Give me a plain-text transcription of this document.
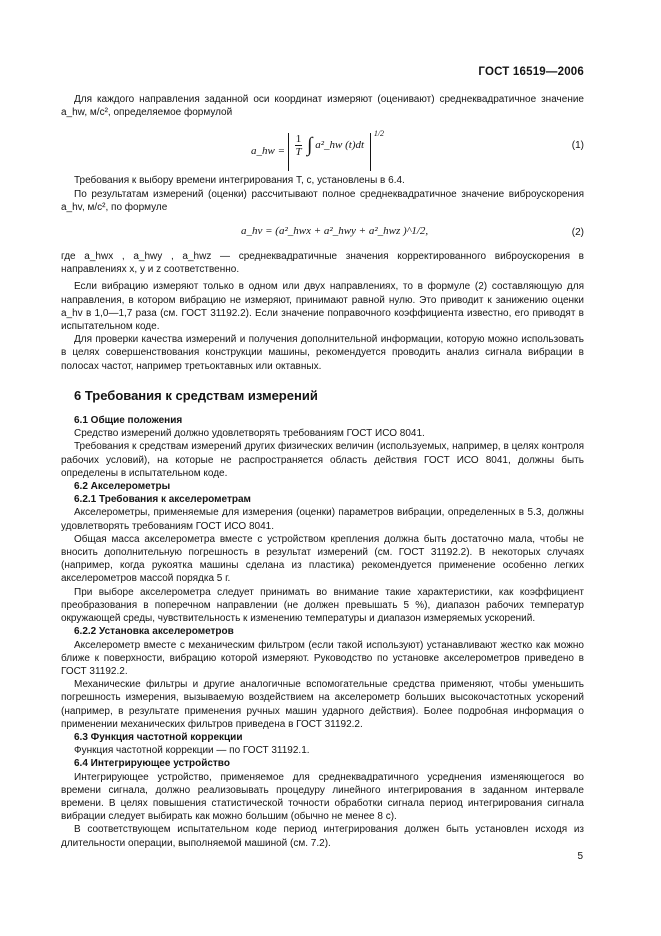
ГОСТ 16519—2006

Для каждого направления заданной оси координат измеряют (оценивают) среднеквадратичное значение a_hw, м/с², определяемое формулой

a_hw = $\frac{1}{T}$ ∫ a²_hw (t)dt $^{1/2}$
(1)

Требования к выбору времени интегрирования T, с, установлены в 6.4.

По результатам измерений (оценки) рассчитывают полное среднеквадратичное значение виброускорения a_hv, м/с², по формуле

a_hv = (a²_hwx + a²_hwy + a²_hwz )^1/2,	(2)

где a_hwx , a_hwy , a_hwz — среднеквадратичные значения корректированного виброускорения в направлениях x, y и z соответственно.

Если вибрацию измеряют только в одном или двух направлениях, то в формуле (2) составляющую для направления, в котором вибрацию не измеряют, принимают равной нулю. Это приводит к занижению оценки a_hv в 1,0—1,7 раза (см. ГОСТ 31192.2). Если значение поправочного коэффициента известно, его приводят в испытательном коде.

Для проверки качества измерений и получения дополнительной информации, которую можно использовать в целях совершенствования конструкции машины, рекомендуется проводить анализ сигнала вибрации в полосах частот, например третьоктавных или октавных.

6 Требования к средствам измерений

6.1 Общие положения

Средство измерений должно удовлетворять требованиям ГОСТ ИСО 8041.

Требования к средствам измерений других физических величин (используемых, например, в целях контроля рабочих условий), на которые не распространяется область действия ГОСТ ИСО 8041, должны быть определены в испытательном коде.

6.2 Акселерометры

6.2.1 Требования к акселерометрам

Акселерометры, применяемые для измерения (оценки) параметров вибрации, определенных в 5.3, должны удовлетворять требованиям ГОСТ ИСО 8041.

Общая масса акселерометра вместе с устройством крепления должна быть достаточно мала, чтобы не вносить дополнительную погрешность в результат измерений (см. ГОСТ 31192.2). В некоторых случаях (например, когда рукоятка машины сделана из пластика) рекомендуется применение особенно легких акселерометров массой порядка 5 г.

При выборе акселерометра следует принимать во внимание такие характеристики, как коэффициент преобразования в поперечном направлении (не должен превышать 5 %), диапазон рабочих температур окружающей среды, чувствительность к изменению температуры и диапазон измеряемых ускорений.

6.2.2 Установка акселерометров

Акселерометр вместе с механическим фильтром (если такой используют) устанавливают жестко как можно ближе к поверхности, вибрацию которой измеряют. Руководство по установке акселерометров приведено в ГОСТ 31192.2.

Механические фильтры и другие аналогичные вспомогательные средства применяют, чтобы уменьшить погрешность измерения, вызываемую воздействием на акселерометр больших высокочастотных ускорений (например, в результате применения ручных машин ударного действия). Более подробная информация о применении механических фильтров приведена в ГОСТ 31192.2.

6.3 Функция частотной коррекции

Функция частотной коррекции — по ГОСТ 31192.1.

6.4 Интегрирующее устройство

Интегрирующее устройство, применяемое для среднеквадратичного усреднения изменяющегося во времени сигнала, должно реализовывать процедуру линейного интегрирования в заданном интервале времени. В целях повышения статистической точности обработки сигнала период интегрирования сигнала вибрации следует выбирать как можно большим (обычно не менее 8 с).

В соответствующем испытательном коде период интегрирования должен быть установлен исходя из длительности операции, выполняемой машиной (см. 7.2).

5
